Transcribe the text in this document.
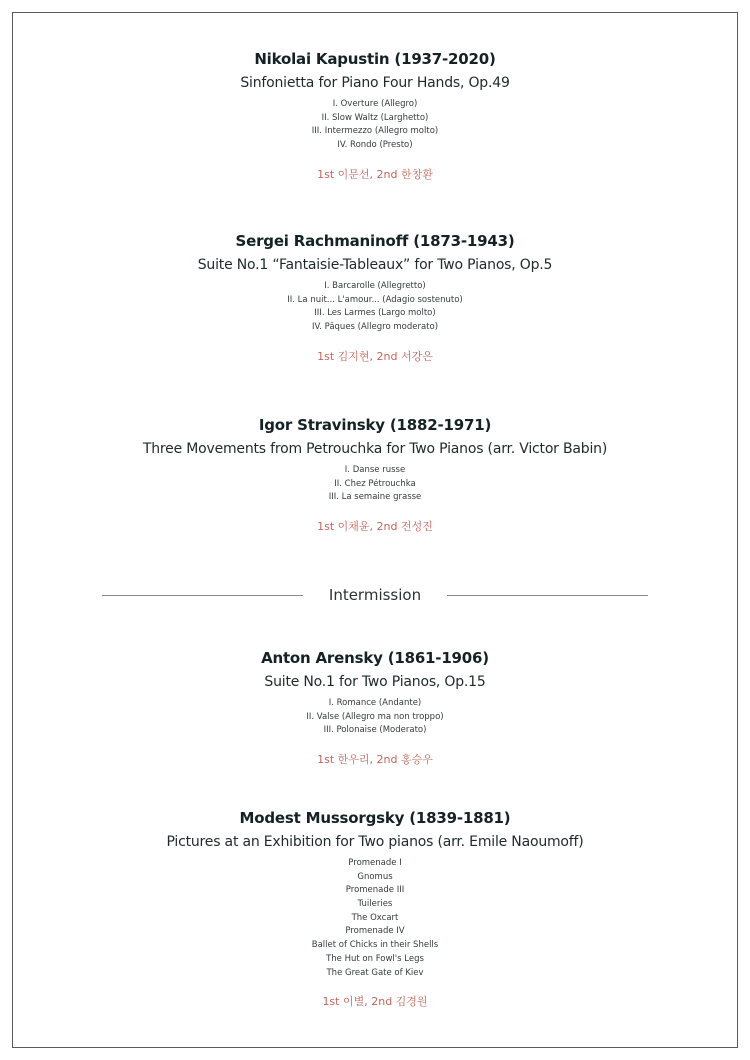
Nikolai Kapustin (1937-2020)
Sinfonietta for Piano Four Hands, Op.49
I. Overture (Allegro)
II. Slow Waltz (Larghetto)
III. Intermezzo (Allegro molto)
IV. Rondo (Presto)
1st 이문선, 2nd 한창환
Sergei Rachmaninoff (1873-1943)
Suite No.1 “Fantaisie-Tableaux” for Two Pianos, Op.5
I. Barcarolle (Allegretto)
II. La nuit... L'amour... (Adagio sostenuto)
III. Les Larmes (Largo molto)
IV. Pâques (Allegro moderato)
1st 김지현, 2nd 서강은
Igor Stravinsky (1882-1971)
Three Movements from Petrouchka for Two Pianos (arr. Victor Babin)
I. Danse russe
II. Chez Pétrouchka
III. La semaine grasse
1st 이채윤, 2nd 전성진
Intermission
Anton Arensky (1861-1906)
Suite No.1 for Two Pianos, Op.15
I. Romance (Andante)
II. Valse (Allegro ma non troppo)
III. Polonaise (Moderato)
1st 한우리, 2nd 홍승우
Modest Mussorgsky (1839-1881)
Pictures at an Exhibition for Two pianos (arr. Emile Naoumoff)
Promenade I
Gnomus
Promenade III
Tuileries
The Oxcart
Promenade IV
Ballet of Chicks in their Shells
The Hut on Fowl's Legs
The Great Gate of Kiev
1st 이별, 2nd 김경원
